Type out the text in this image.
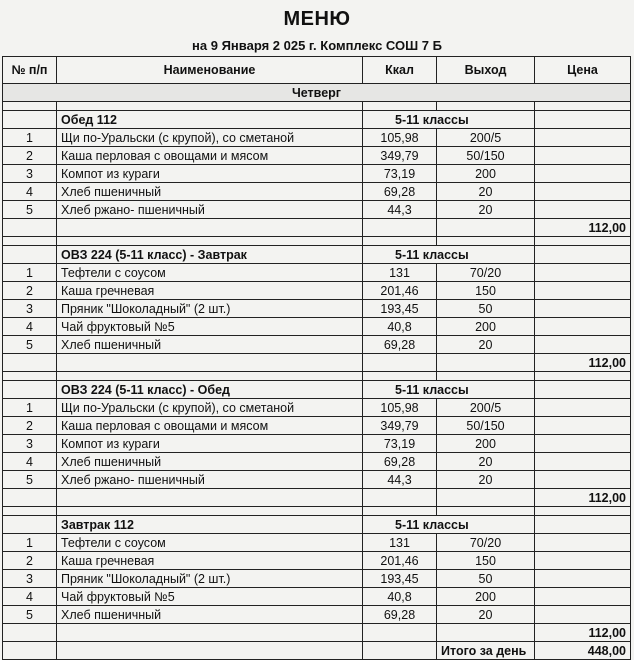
МЕНЮ
на 9 Января 2 025 г. Комплекс СОШ 7 Б
№ п/п	Наименование	Ккал	Выход	Цена
Четверг				

	Обед 112	5-11 классы		
1	Щи по-Уральски (с крупой), со сметаной	105,98	200/5	
2	Каша перловая с овощами и мясом	349,79	50/150	
3	Компот из кураги	73,19	200	
4	Хлеб пшеничный	69,28	20	
5	Хлеб ржано- пшеничный	44,3	20	
				112,00

	ОВЗ 224 (5-11 класс) - Завтрак	5-11 классы		
1	Тефтели с соусом	131	70/20	
2	Каша гречневая	201,46	150	
3	Пряник "Шоколадный" (2 шт.)	193,45	50	
4	Чай фруктовый №5	40,8	200	
5	Хлеб пшеничный	69,28	20	
				112,00

	ОВЗ 224 (5-11 класс) - Обед	5-11 классы		
1	Щи по-Уральски (с крупой), со сметаной	105,98	200/5	
2	Каша перловая с овощами и мясом	349,79	50/150	
3	Компот из кураги	73,19	200	
4	Хлеб пшеничный	69,28	20	
5	Хлеб ржано- пшеничный	44,3	20	
				112,00

	Завтрак 112	5-11 классы		
1	Тефтели с соусом	131	70/20	
2	Каша гречневая	201,46	150	
3	Пряник "Шоколадный" (2 шт.)	193,45	50	
4	Чай фруктовый №5	40,8	200	
5	Хлеб пшеничный	69,28	20	
				112,00
			Итого за день	448,00
